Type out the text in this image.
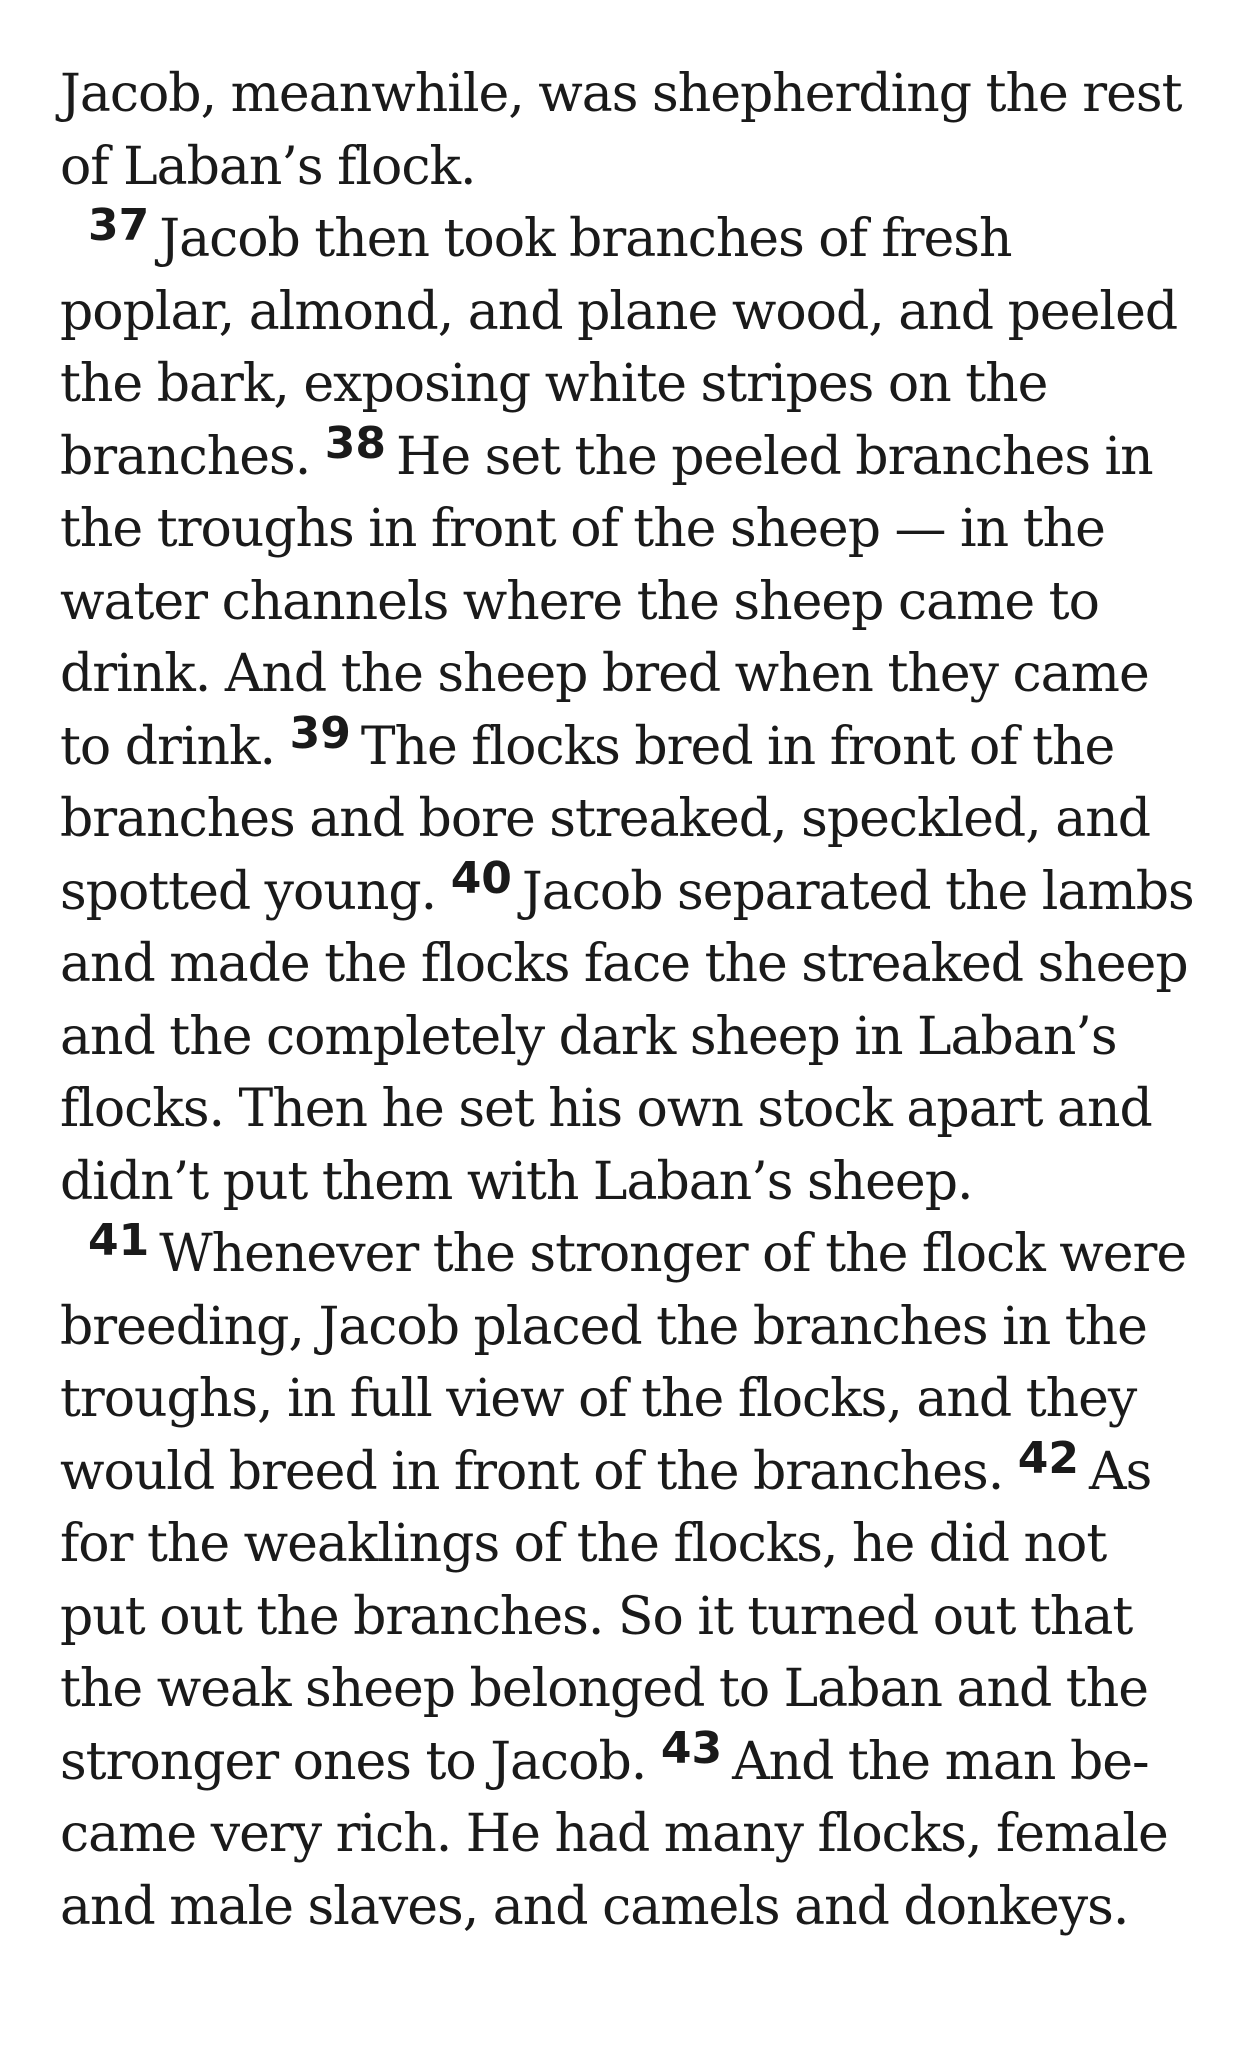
Jacob, meanwhile, was shepherding the rest
of Laban’s flock.
$^{37}$ Jacob then took branches of fresh
poplar, almond, and plane wood, and peeled
the bark, exposing white stripes on the
branches. $^{38}$ He set the peeled branches in
the troughs in front of the sheep — in the
water channels where the sheep came to
drink. And the sheep bred when they came
to drink. $^{39}$ The flocks bred in front of the
branches and bore streaked, speckled, and
spotted young. $^{40}$ Jacob separated the lambs
and made the flocks face the streaked sheep
and the completely dark sheep in Laban’s
flocks. Then he set his own stock apart and
didn’t put them with Laban’s sheep.
$^{41}$ Whenever the stronger of the flock were
breeding, Jacob placed the branches in the
troughs, in full view of the flocks, and they
would breed in front of the branches. $^{42}$ As
for the weaklings of the flocks, he did not
put out the branches. So it turned out that
the weak sheep belonged to Laban and the
stronger ones to Jacob. $^{43}$ And the man be-
came very rich. He had many flocks, female
and male slaves, and camels and donkeys.
